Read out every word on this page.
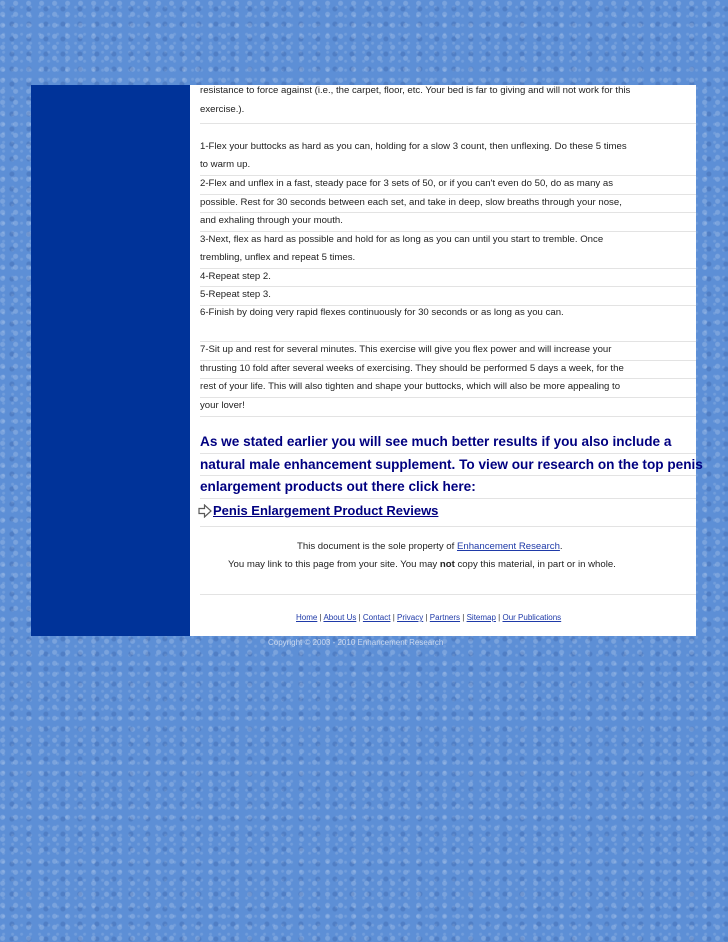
resistance to force against (i.e., the carpet, floor, etc. Your bed is far to giving and will not work for this
exercise.).
1-Flex your buttocks as hard as you can, holding for a slow 3 count, then unflexing. Do these 5 times
to warm up.
2-Flex and unflex in a fast, steady pace for 3 sets of 50, or if you can't even do 50, do as many as
possible. Rest for 30 seconds between each set, and take in deep, slow breaths through your nose,
and exhaling through your mouth.
3-Next, flex as hard as possible and hold for as long as you can until you start to tremble. Once
trembling, unflex and repeat 5 times.
4-Repeat step 2.
5-Repeat step 3.
6-Finish by doing very rapid flexes continuously for 30 seconds or as long as you can.
7-Sit up and rest for several minutes. This exercise will give you flex power and will increase your
thrusting 10 fold after several weeks of exercising. They should be performed 5 days a week, for the
rest of your life. This will also tighten and shape your buttocks, which will also be more appealing to
your lover!
As we stated earlier you will see much better results if you also include a
natural male enhancement supplement. To view our research on the top penis
enlargement products out there click here:
Penis Enlargement Product Reviews
This document is the sole property of Enhancement Research.
You may link to this page from your site. You may not copy this material, in part or in whole.
Home | About Us | Contact | Privacy | Partners | Sitemap | Our Publications
Copyright © 2003 - 2010 Enhancement Research
